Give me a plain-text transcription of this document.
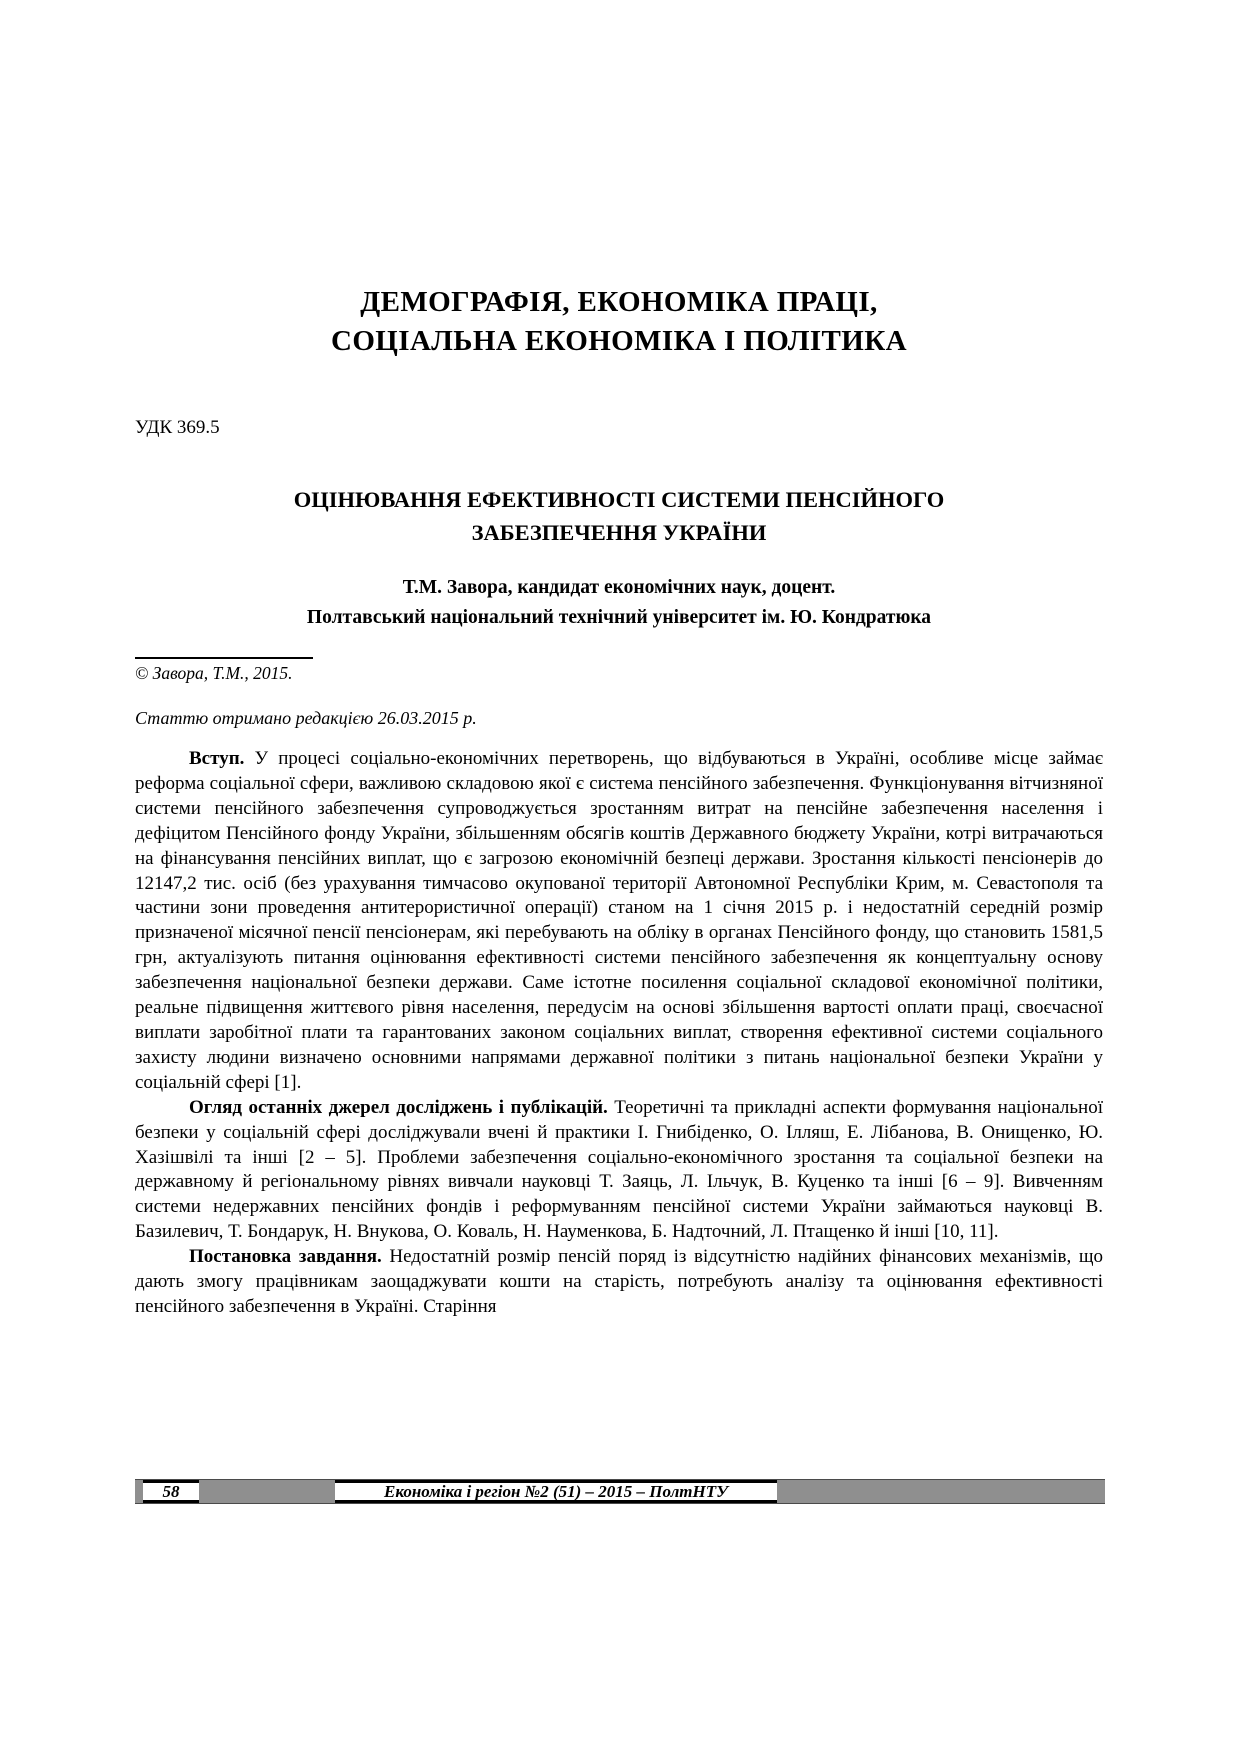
ДЕМОГРАФІЯ, ЕКОНОМІКА ПРАЦІ,
СОЦІАЛЬНА ЕКОНОМІКА І ПОЛІТИКА
УДК 369.5
ОЦІНЮВАННЯ ЕФЕКТИВНОСТІ СИСТЕМИ ПЕНСІЙНОГО
ЗАБЕЗПЕЧЕННЯ УКРАЇНИ
Т.М. Завора, кандидат економічних наук, доцент.
Полтавський національний технічний університет ім. Ю. Кондратюка
© Завора, Т.М., 2015.
Статтю отримано редакцією 26.03.2015 р.

Вступ. У процесі соціально-економічних перетворень, що відбуваються в Україні, особливе місце займає реформа соціальної сфери, важливою складовою якої є система пенсійного забезпечення. Функціонування вітчизняної системи пенсійного забезпечення супроводжується зростанням витрат на пенсійне забезпечення населення і дефіцитом Пенсійного фонду України, збільшенням обсягів коштів Державного бюджету України, котрі витрачаються на фінансування пенсійних виплат, що є загрозою економічній безпеці держави. Зростання кількості пенсіонерів до 12147,2 тис. осіб (без урахування тимчасово окупованої території Автономної Республіки Крим, м. Севастополя та частини зони проведення антитерористичної операції) станом на 1 січня 2015 р. і недостатній середній розмір призначеної місячної пенсії пенсіонерам, які перебувають на обліку в органах Пенсійного фонду, що становить 1581,5 грн, актуалізують питання оцінювання ефективності системи пенсійного забезпечення як концептуальну основу забезпечення національної безпеки держави. Саме істотне посилення соціальної складової економічної політики, реальне підвищення життєвого рівня населення, передусім на основі збільшення вартості оплати праці, своєчасної виплати заробітної плати та гарантованих законом соціальних виплат, створення ефективної системи соціального захисту людини визначено основними напрямами державної політики з питань національної безпеки України у соціальній сфері [1].

Огляд останніх джерел досліджень і публікацій. Теоретичні та прикладні аспекти формування національної безпеки у соціальній сфері досліджували вчені й практики І. Гнибіденко, О. Ілляш, Е. Лібанова, В. Онищенко, Ю. Хазішвілі та інші [2 – 5]. Проблеми забезпечення соціально-економічного зростання та соціальної безпеки на державному й регіональному рівнях вивчали науковці Т. Заяць, Л. Ільчук, В. Куценко та інші [6 – 9]. Вивченням системи недержавних пенсійних фондів і реформуванням пенсійної системи України займаються науковці В. Базилевич, Т. Бондарук, Н. Внукова, О. Коваль, Н. Науменкова, Б. Надточний, Л. Птащенко й інші [10, 11].

Постановка завдання. Недостатній розмір пенсій поряд із відсутністю надійних фінансових механізмів, що дають змогу працівникам заощаджувати кошти на старість, потребують аналізу та оцінювання ефективності пенсійного забезпечення в Україні. Старіння

58	Економіка і регіон №2 (51) – 2015 – ПолтНТУ
